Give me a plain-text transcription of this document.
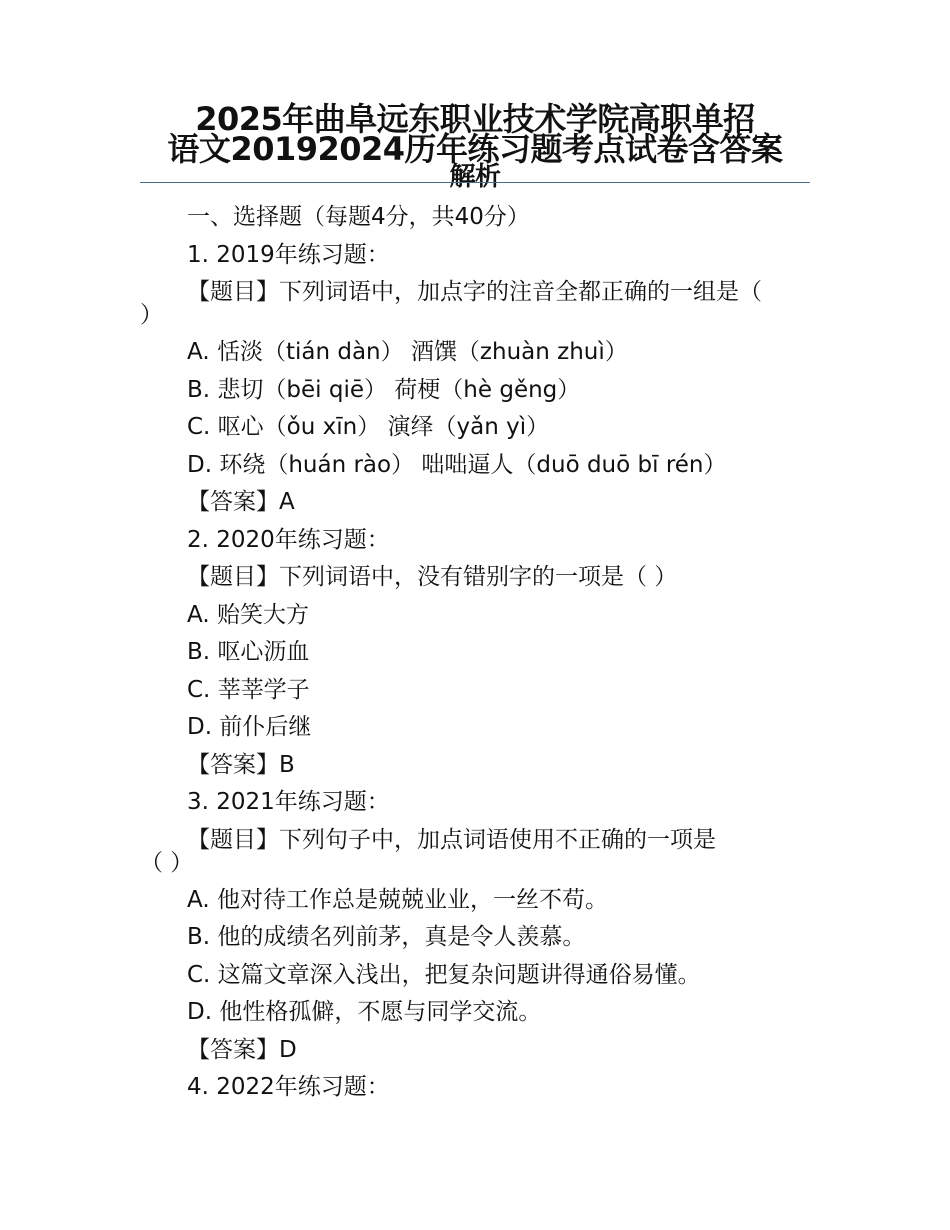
2025年曲阜远东职业技术学院高职单招
语文20192024历年练习题考点试卷含答案
解析
一、选择题（每题4分，共40分）
1. 2019年练习题：
【题目】下列词语中，加点字的注音全都正确的一组是（
）
A. 恬淡（tián dàn） 酒馔（zhuàn zhuì）
B. 悲切（bēi qiē） 荷梗（hè gěng）
C. 呕心（ǒu xīn） 演绎（yǎn yì）
D. 环绕（huán rào） 咄咄逼人（duō duō bī rén）
【答案】A
2. 2020年练习题：
【题目】下列词语中，没有错别字的一项是（ ）
A. 贻笑大方
B. 呕心沥血
C. 莘莘学子
D. 前仆后继
【答案】B
3. 2021年练习题：
【题目】下列句子中，加点词语使用不正确的一项是
（ ）
A. 他对待工作总是兢兢业业，一丝不苟。
B. 他的成绩名列前茅，真是令人羡慕。
C. 这篇文章深入浅出，把复杂问题讲得通俗易懂。
D. 他性格孤僻，不愿与同学交流。
【答案】D
4. 2022年练习题：
